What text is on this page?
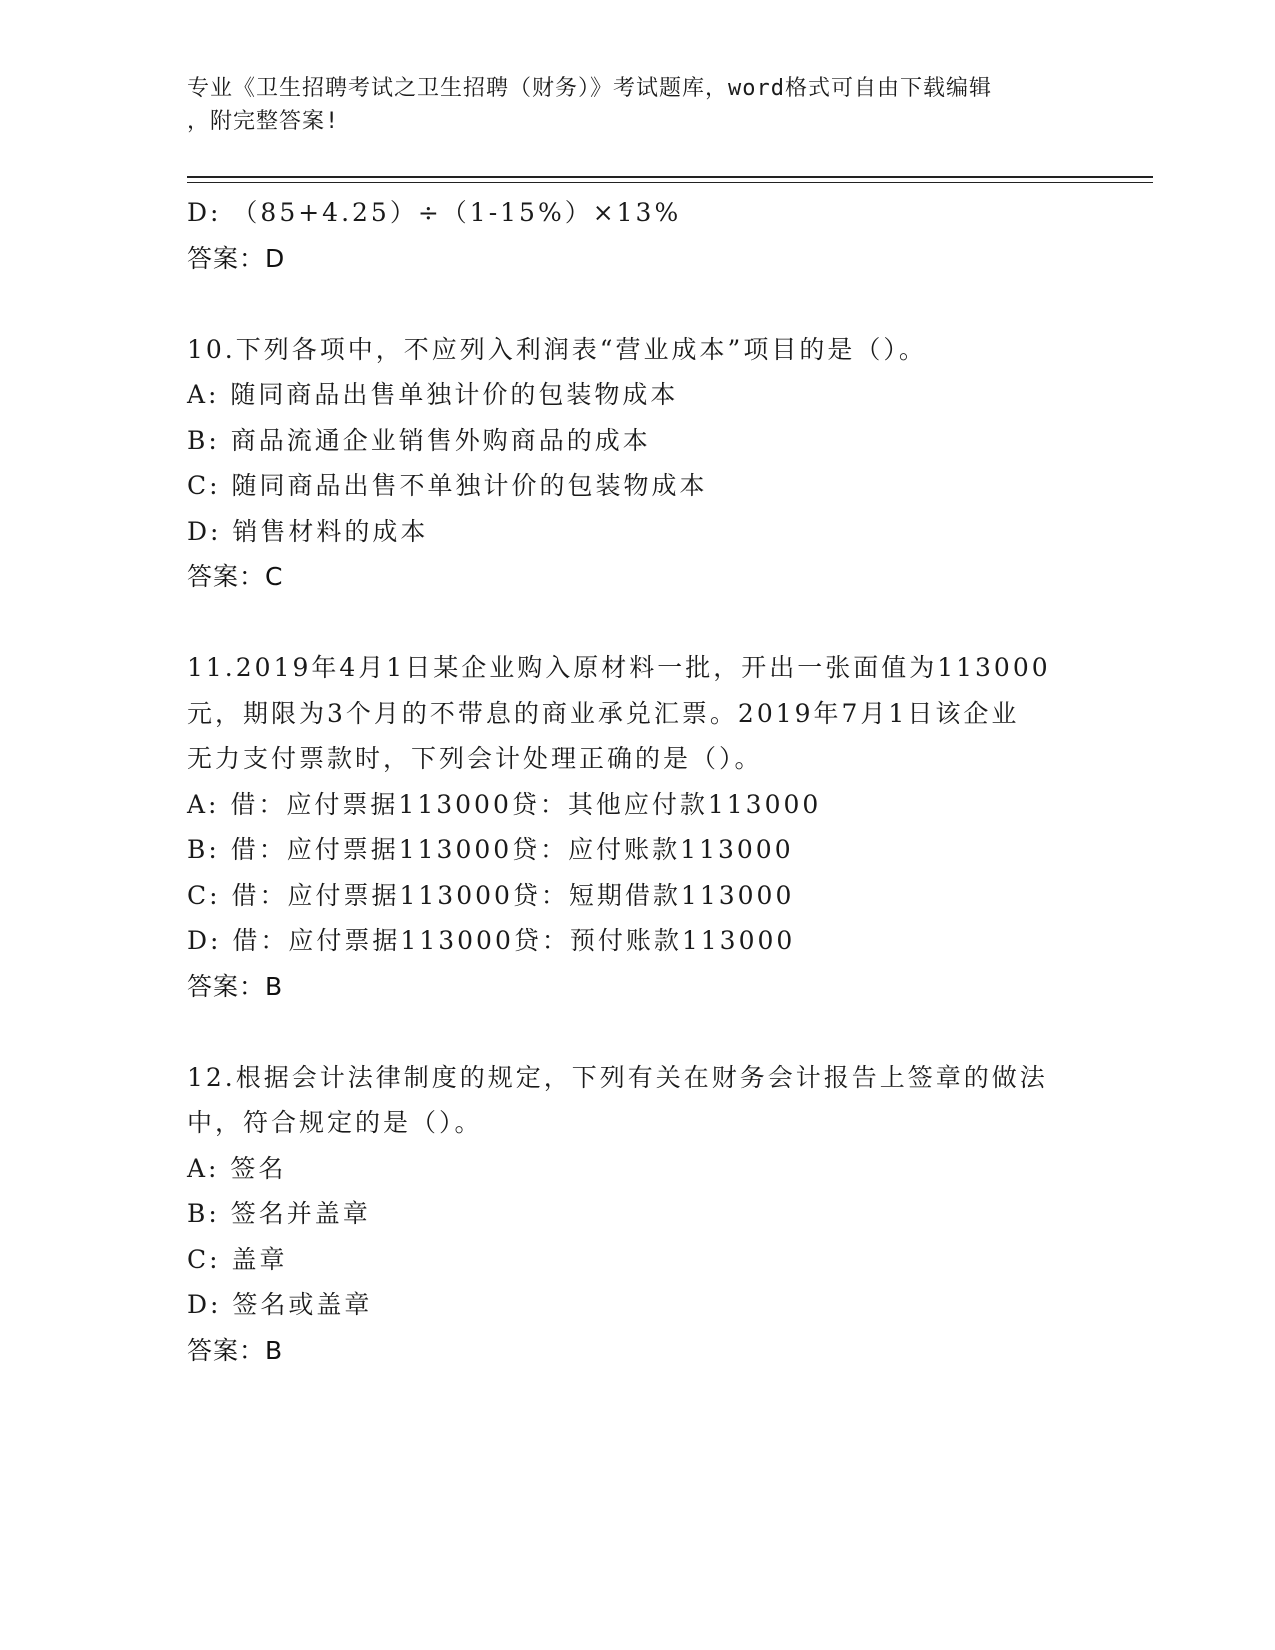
专业《卫生招聘考试之卫生招聘（财务）》考试题库，word格式可自由下载编辑
，附完整答案!
D: （85+4.25）÷（1-15%）×13%
答案：D
10.下列各项中，不应列入利润表“营业成本”项目的是（）。
A: 随同商品出售单独计价的包装物成本
B: 商品流通企业销售外购商品的成本
C: 随同商品出售不单独计价的包装物成本
D: 销售材料的成本
答案：C
11.2019年4月1日某企业购入原材料一批，开出一张面值为113000
元，期限为3个月的不带息的商业承兑汇票。2019年7月1日该企业
无力支付票款时，下列会计处理正确的是（）。
A: 借：应付票据113000贷：其他应付款113000
B: 借：应付票据113000贷：应付账款113000
C: 借：应付票据113000贷：短期借款113000
D: 借：应付票据113000贷：预付账款113000
答案：B
12.根据会计法律制度的规定，下列有关在财务会计报告上签章的做法
中，符合规定的是（）。
A: 签名
B: 签名并盖章
C: 盖章
D: 签名或盖章
答案：B
